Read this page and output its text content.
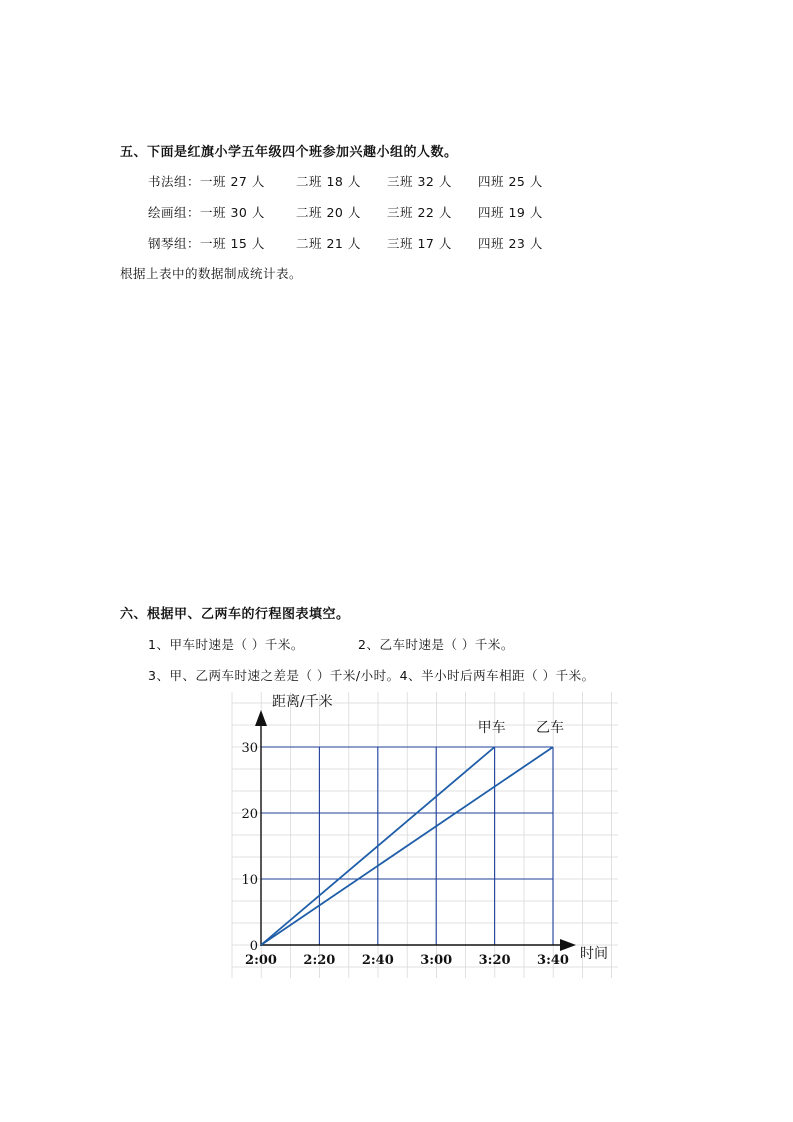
五、下面是红旗小学五年级四个班参加兴趣小组的人数。
书法组：一班 27 人 二班 18 人 三班 32 人 四班 25 人
绘画组：一班 30 人 二班 20 人 三班 22 人 四班 19 人
钢琴组：一班 15 人 二班 21 人 三班 17 人 四班 23 人
根据上表中的数据制成统计表。
六、根据甲、乙两车的行程图表填空。
1、甲车时速是（ ）千米。	2、乙车时速是（ ）千米。
3、甲、乙两车时速之差是（ ）千米/小时。4、半小时后两车相距（ ）千米。
0
10
20
30
2:00 2:20 2:40 3:00 3:20 3:40
甲车 乙车
距离/千米
时间
